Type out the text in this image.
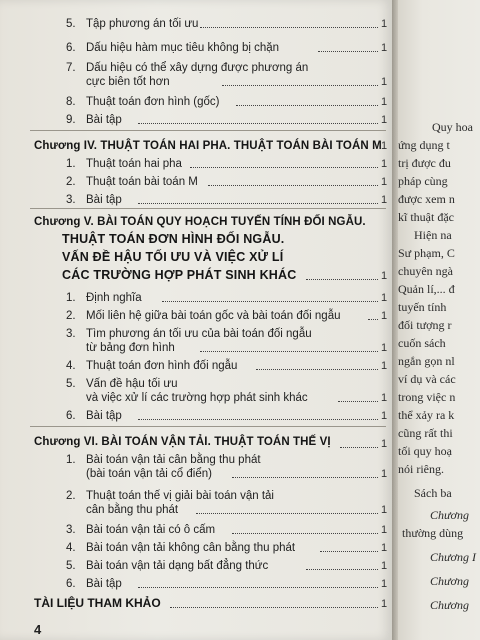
5. Tập phương án tối ưu	1
6. Dấu hiệu hàm mục tiêu không bị chặn	1
7. Dấu hiệu có thể xây dựng được phương án
cực biên tốt hơn	1
8. Thuật toán đơn hình (gốc)	1
9. Bài tập	1
Chương IV. THUẬT TOÁN HAI PHA. THUẬT TOÁN BÀI TOÁN M 1
1. Thuật toán hai pha	1
2. Thuật toán bài toán M	1
3. Bài tập	1
Chương V. BÀI TOÁN QUY HOẠCH TUYẾN TÍNH ĐỐI NGẪU.
THUẬT TOÁN ĐƠN HÌNH ĐỐI NGẪU.
VẤN ĐỀ HẬU TỐI ƯU VÀ VIỆC XỬ LÍ
CÁC TRƯỜNG HỢP PHÁT SINH KHÁC	1
1. Định nghĩa	1
2. Mối liên hệ giữa bài toán gốc và bài toán đối ngẫu	1
3. Tìm phương án tối ưu của bài toán đối ngẫu
từ bảng đơn hình	1
4. Thuật toán đơn hình đối ngẫu	1
5. Vấn đề hậu tối ưu
và việc xử lí các trường hợp phát sinh khác	1
6. Bài tập	1
Chương VI. BÀI TOÁN VẬN TẢI. THUẬT TOÁN THẾ VỊ	1
1. Bài toán vận tải cân bằng thu phát
(bài toán vận tải cổ điển)	1
2. Thuật toán thế vị giải bài toán vận tải
cân bằng thu phát	1
3. Bài toán vận tải có ô cấm	1
4. Bài toán vận tải không cân bằng thu phát	1
5. Bài toán vận tải dạng bất đẳng thức	1
6. Bài tập	1
TÀI LIỆU THAM KHẢO	1
4
Quy hoa
ứng dụng t
trị được đu
pháp cùng
được xem n
kĩ thuật đặc
Hiện na
Sư phạm, C
chuyên ngà
Quản lí,... đ
tuyến tính
đối tượng r
cuốn sách
ngắn gọn nl
ví dụ và các
trong việc n
thể xảy ra k
cũng rất thi
tối quy hoạ
nói riêng.
Sách ba
Chương
thường dùng
Chương I
Chương
Chương
